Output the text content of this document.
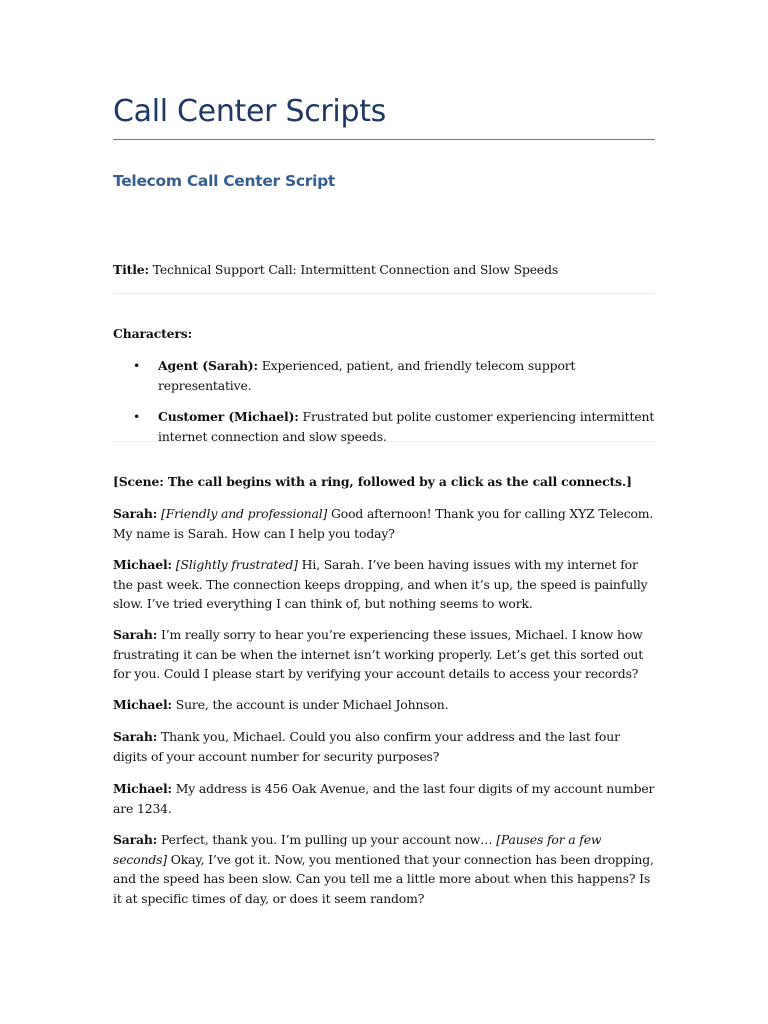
Call Center Scripts
Telecom Call Center Script
Title: Technical Support Call: Intermittent Connection and Slow Speeds
Characters:
• Agent (Sarah): Experienced, patient, and friendly telecom support representative.
• Customer (Michael): Frustrated but polite customer experiencing intermittent internet connection and slow speeds.
[Scene: The call begins with a ring, followed by a click as the call connects.]
Sarah: [Friendly and professional] Good afternoon! Thank you for calling XYZ Telecom. My name is Sarah. How can I help you today?
Michael: [Slightly frustrated] Hi, Sarah. I’ve been having issues with my internet for the past week. The connection keeps dropping, and when it’s up, the speed is painfully slow. I’ve tried everything I can think of, but nothing seems to work.
Sarah: I’m really sorry to hear you’re experiencing these issues, Michael. I know how frustrating it can be when the internet isn’t working properly. Let’s get this sorted out for you. Could I please start by verifying your account details to access your records?
Michael: Sure, the account is under Michael Johnson.
Sarah: Thank you, Michael. Could you also confirm your address and the last four digits of your account number for security purposes?
Michael: My address is 456 Oak Avenue, and the last four digits of my account number are 1234.
Sarah: Perfect, thank you. I’m pulling up your account now… [Pauses for a few seconds] Okay, I’ve got it. Now, you mentioned that your connection has been dropping, and the speed has been slow. Can you tell me a little more about when this happens? Is it at specific times of day, or does it seem random?
